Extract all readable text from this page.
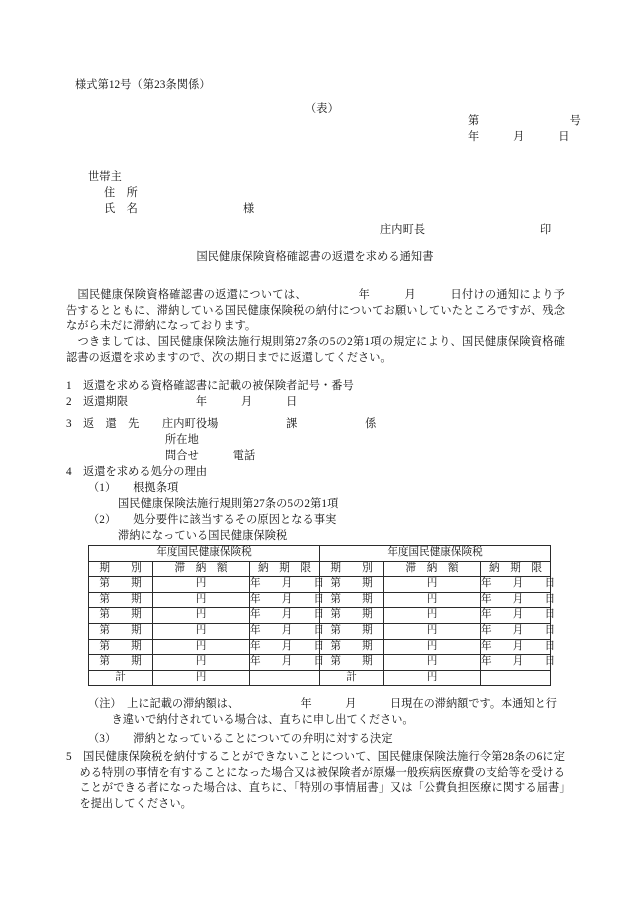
様式第12号（第23条関係）
（表）
第　　　　　　　　号
年　　　月　　　日
世帯主
住　所
氏　名	様
庄内町長	印
国民健康保険資格確認書の返還を求める通知書

　国民健康保険資格確認書の返還については、　　　　　年　　　月　　　日付けの通知により予告するとともに、滞納している国民健康保険税の納付についてお願いしていたところですが、残念ながら未だに滞納になっております。

　つきましては、国民健康保険法施行規則第27条の5の2第1項の規定により、国民健康保険資格確認書の返還を求めますので、次の期日までに返還してください。

1　返還を求める資格確認書に記載の被保険者記号・番号
2　返還期限　　　　　　年　　　月　　　日
3　返　還　先　　庄内町役場　　　　　　課　　　　　　係
所在地
問合せ　　　電話
4　返還を求める処分の理由
（1）　　根拠条項
国民健康保険法施行規則第27条の5の2第1項
（2）　　処分要件に該当するその原因となる事実
滞納になっている国民健康保険税
年度国民健康保険税			年度国民健康保険税		
期　　別	滞　納　額	納　期　限	期　　別	滞　納　額	納　期　限
第　　期	円	年　　月　　日	第　　期	円	年　　月　　日
第　　期	円	年　　月　　日	第　　期	円	年　　月　　日
第　　期	円	年　　月　　日	第　　期	円	年　　月　　日
第　　期	円	年　　月　　日	第　　期	円	年　　月　　日
第　　期	円	年　　月　　日	第　　期	円	年　　月　　日
第　　期	円	年　　月　　日	第　　期	円	年　　月　　日
計	円		計	円	
（注）　上に記載の滞納額は、　　　　　　年　　　月　　　日現在の滞納額です。本通知と行
き違いで納付されている場合は、直ちに申し出てください。
（3）　　滞納となっていることについての弁明に対する決定

5　国民健康保険税を納付することができないことについて、国民健康保険法施行令第28条の6に定める特別の事情を有することになった場合又は被保険者が原爆一般疾病医療費の支給等を受けることができる者になった場合は、直ちに、「特別の事情届書」又は「公費負担医療に関する届書」を提出してください。
